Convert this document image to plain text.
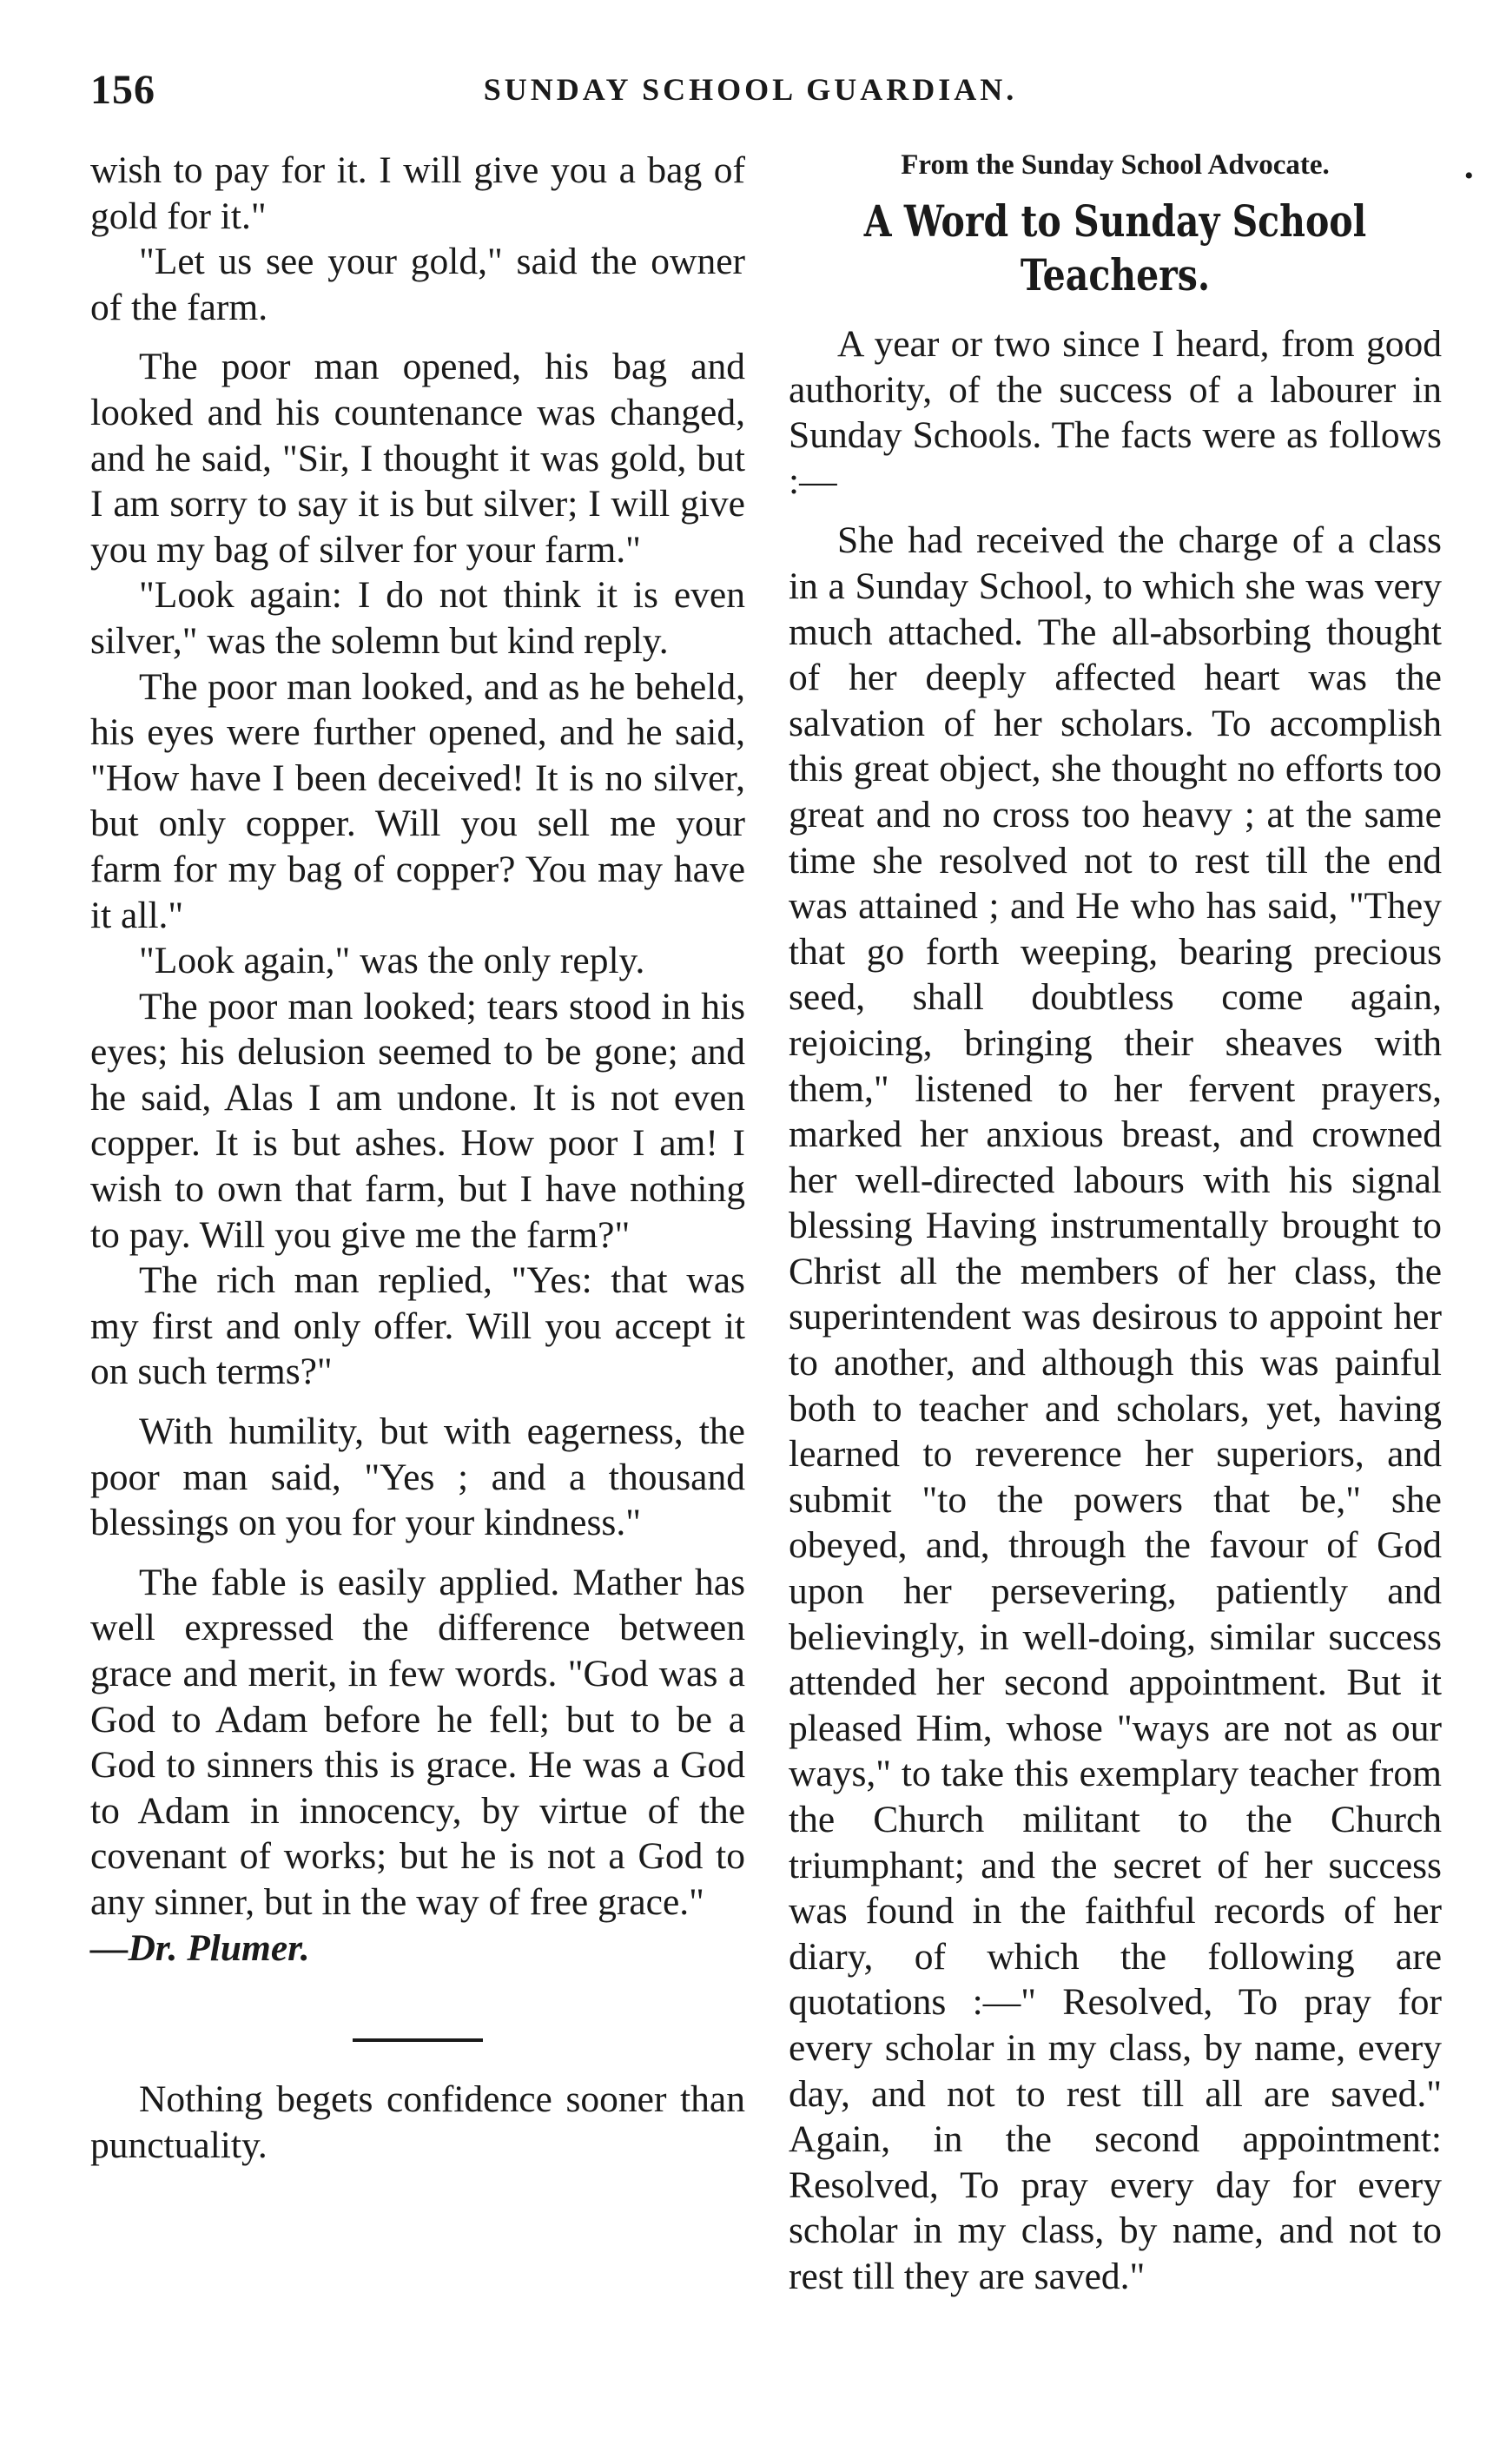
156	SUNDAY SCHOOL GUARDIAN.
•

wish to pay for it. I will give you a bag of gold for it."

"Let us see your gold," said the owner of the farm.

The poor man opened, his bag and looked and his countenance was changed, and he said, "Sir, I thought it was gold, but I am sorry to say it is but silver; I will give you my bag of silver for your farm."

"Look again: I do not think it is even silver," was the solemn but kind reply.

The poor man looked, and as he beheld, his eyes were further opened, and he said, "How have I been deceived! It is no silver, but only copper. Will you sell me your farm for my bag of copper? You may have it all."

"Look again," was the only reply.

The poor man looked; tears stood in his eyes; his delusion seemed to be gone; and he said, Alas I am undone. It is not even copper. It is but ashes. How poor I am! I wish to own that farm, but I have nothing to pay. Will you give me the farm?"

The rich man replied, "Yes: that was my first and only offer. Will you accept it on such terms?"

With humility, but with eagerness, the poor man said, "Yes ; and a thousand blessings on you for your kindness."

The fable is easily applied. Mather has well expressed the difference between grace and merit, in few words. "God was a God to Adam before he fell; but to be a God to sinners this is grace. He was a God to Adam in innocency, by virtue of the covenant of works; but he is not a God to any sinner, but in the way of free grace."

—Dr. Plumer.

Nothing begets confidence sooner than punctuality.

From the Sunday School Advocate.
A Word to Sunday School Teachers.

A year or two since I heard, from good authority, of the success of a labourer in Sunday Schools. The facts were as follows :—

She had received the charge of a class in a Sunday School, to which she was very much attached. The all-absorbing thought of her deeply affected heart was the salvation of her scholars. To accomplish this great object, she thought no efforts too great and no cross too heavy ; at the same time she resolved not to rest till the end was attained ; and He who has said, "They that go forth weeping, bearing precious seed, shall doubtless come again, rejoicing, bringing their sheaves with them," listened to her fervent prayers, marked her anxious breast, and crowned her well-directed labours with his signal blessing Having instrumentally brought to Christ all the members of her class, the superintendent was desirous to appoint her to another, and although this was painful both to teacher and scholars, yet, having learned to reverence her superiors, and submit "to the powers that be," she obeyed, and, through the favour of God upon her persevering, patiently and believingly, in well-doing, similar success attended her second appointment. But it pleased Him, whose "ways are not as our ways," to take this exemplary teacher from the Church militant to the Church triumphant; and the secret of her success was found in the faithful records of her diary, of which the following are quotations :—" Resolved, To pray for every scholar in my class, by name, every day, and not to rest till all are saved." Again, in the second appointment: Resolved, To pray every day for every scholar in my class, by name, and not to rest till they are saved."
